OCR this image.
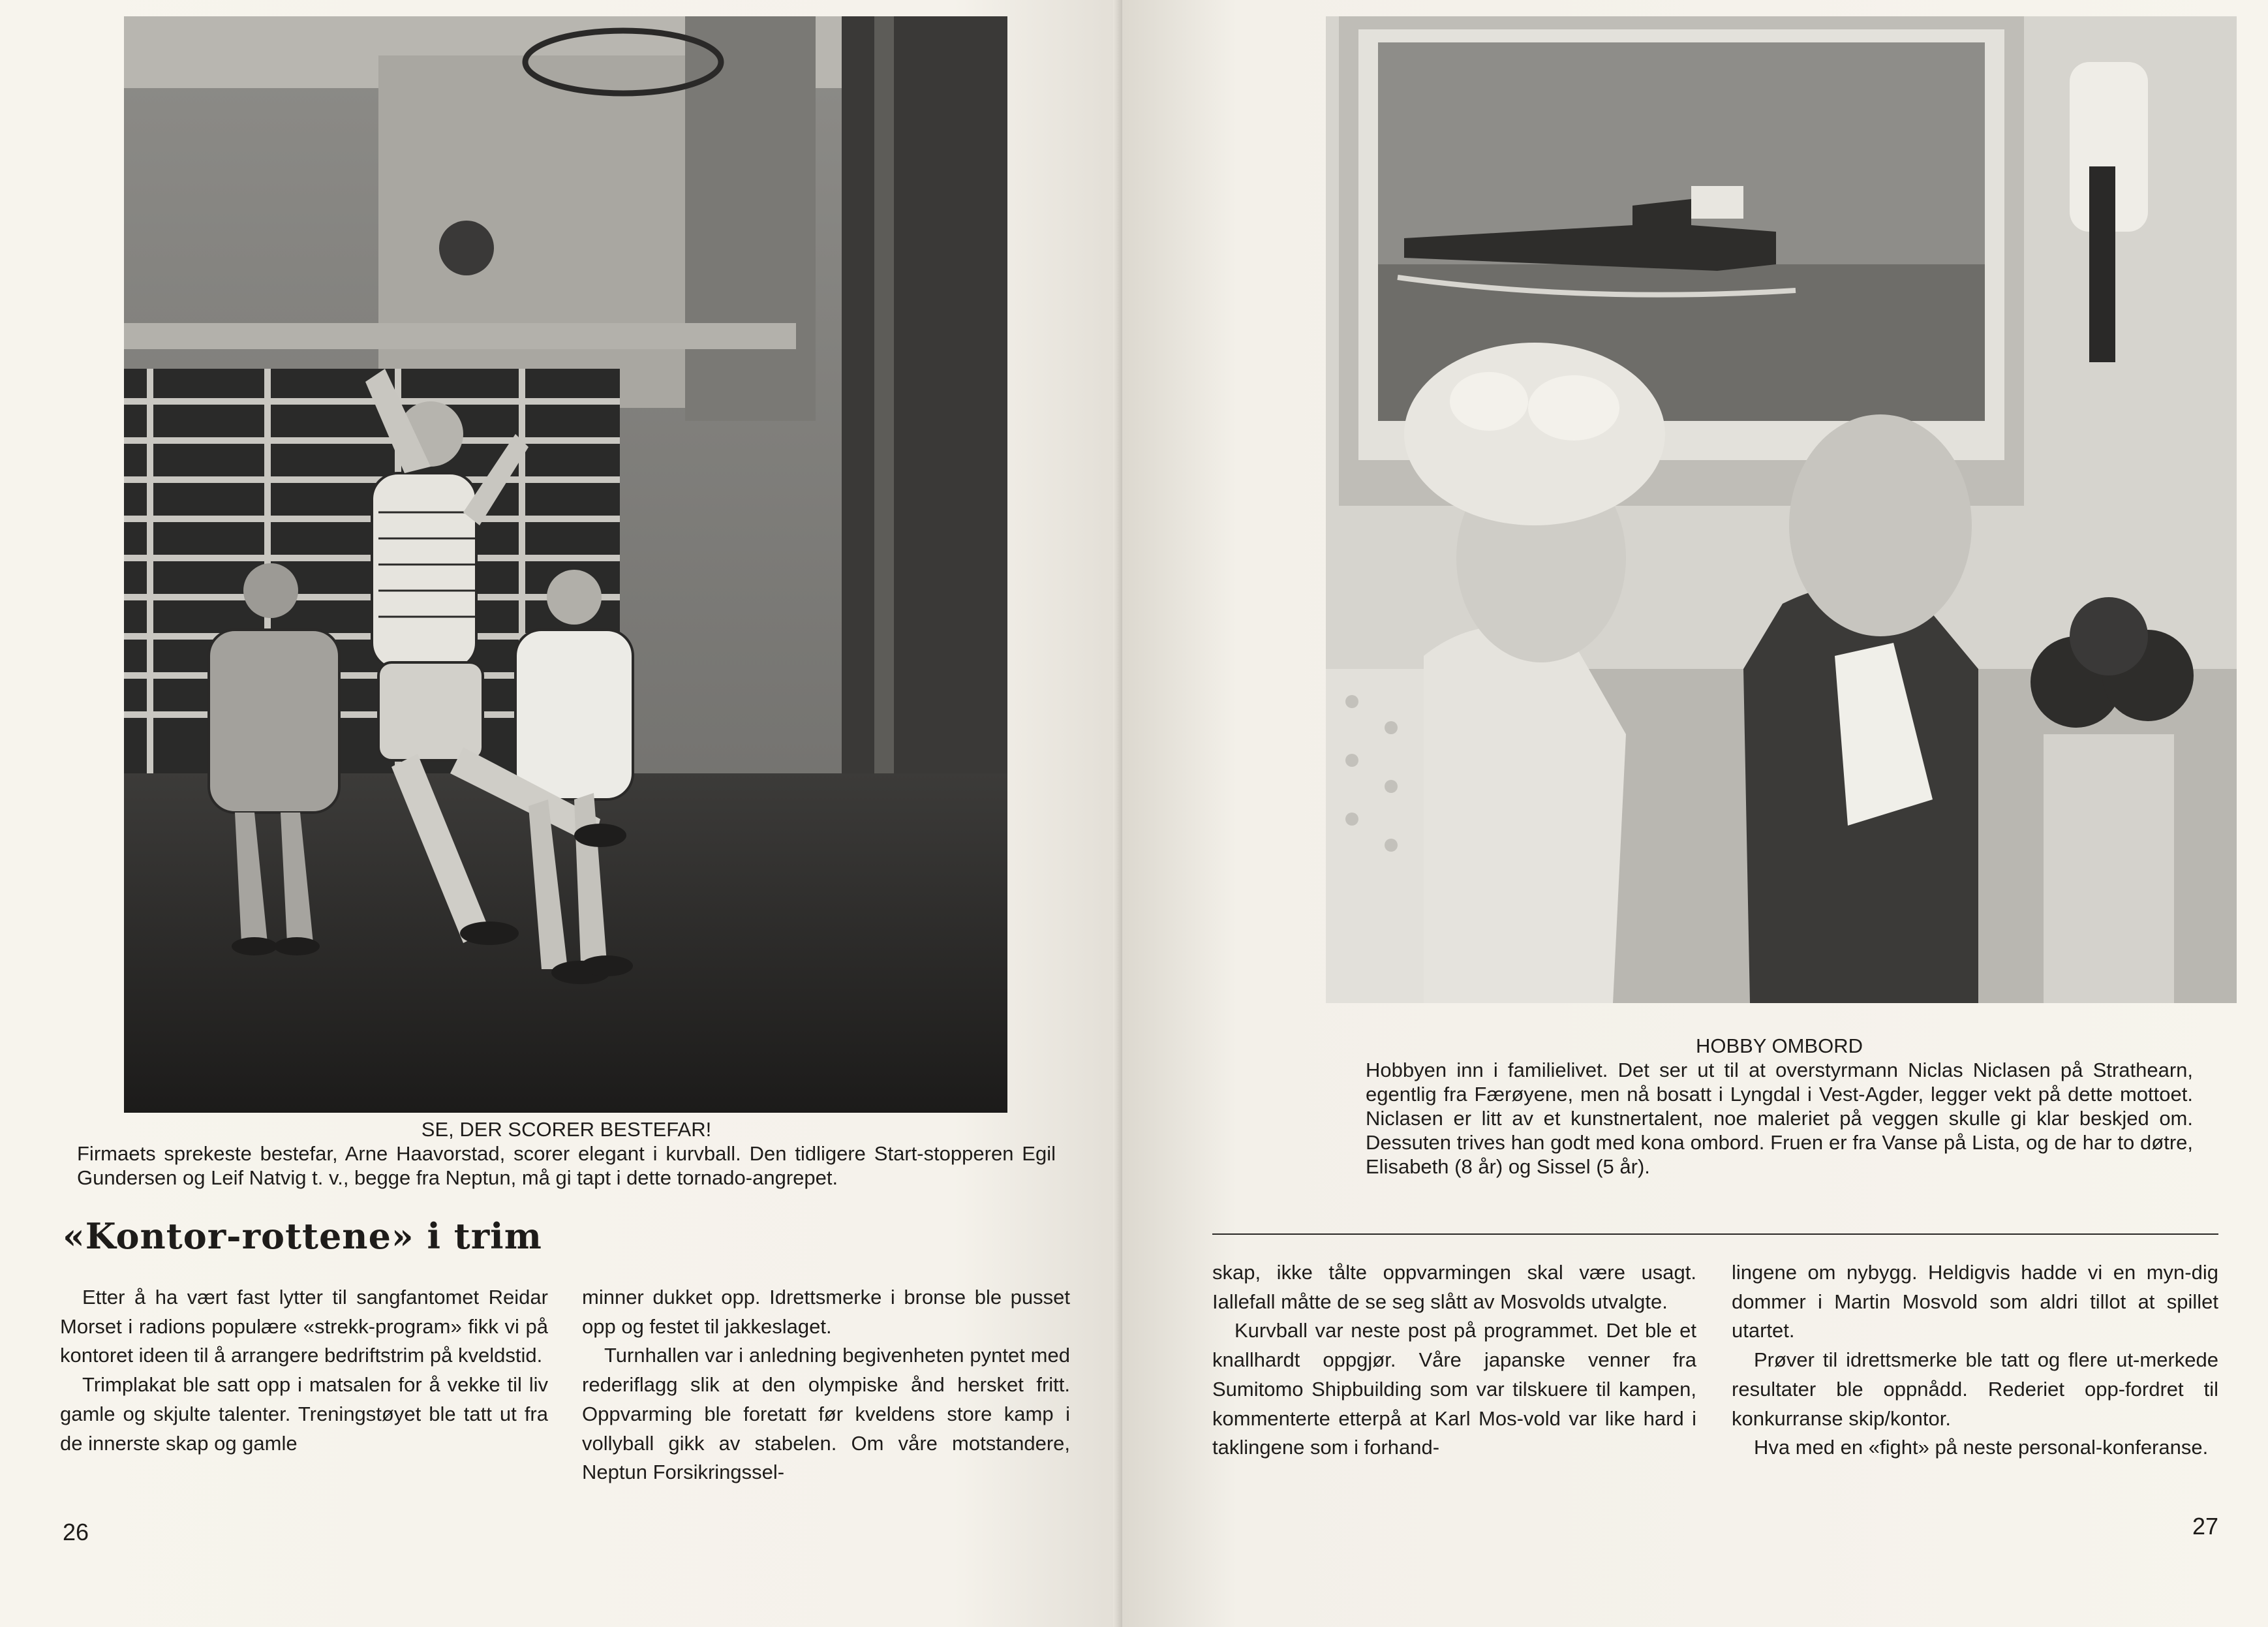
SE, DER SCORER BESTEFAR!
Firmaets sprekeste bestefar, Arne Haavorstad, scorer elegant i kurvball. Den tidligere Start-stopperen Egil Gundersen og Leif Natvig t. v., begge fra Neptun, må gi tapt i dette tornado-angrepet.
«Kontor-rottene» i trim

Etter å ha vært fast lytter til sangfantomet Reidar Morset i radions populære «strekk-program» fikk vi på kontoret ideen til å arrangere bedriftstrim på kveldstid.

Trimplakat ble satt opp i matsalen for å vekke til liv gamle og skjulte talenter. Treningstøyet ble tatt ut fra de innerste skap og gamle

minner dukket opp. Idrettsmerke i bronse ble pusset opp og festet til jakkeslaget.

Turnhallen var i anledning begivenheten pyntet med rederiflagg slik at den olympiske ånd hersket fritt. Oppvarming ble foretatt før kveldens store kamp i vollyball gikk av stabelen. Om våre motstandere, Neptun Forsikringssel-

26
HOBBY OMBORD
Hobbyen inn i familielivet. Det ser ut til at overstyrmann Niclas Niclasen på Strathearn, egentlig fra Færøyene, men nå bosatt i Lyngdal i Vest-Agder, legger vekt på dette mottoet. Niclasen er litt av et kunstnertalent, noe maleriet på veggen skulle gi klar beskjed om. Dessuten trives han godt med kona ombord. Fruen er fra Vanse på Lista, og de har to døtre, Elisabeth (8 år) og Sissel (5 år).

skap, ikke tålte oppvarmingen skal være usagt. Iallefall måtte de se seg slått av Mosvolds utvalgte.

Kurvball var neste post på programmet. Det ble et knallhardt oppgjør. Våre japanske venner fra Sumitomo Shipbuilding som var tilskuere til kampen, kommenterte etterpå at Karl Mos-vold var like hard i taklingene som i forhand-

lingene om nybygg. Heldigvis hadde vi en myn-dig dommer i Martin Mosvold som aldri tillot at spillet utartet.

Prøver til idrettsmerke ble tatt og flere ut-merkede resultater ble oppnådd. Rederiet opp-fordret til konkurranse skip/kontor.

Hva med en «fight» på neste personal-konferanse.

27
